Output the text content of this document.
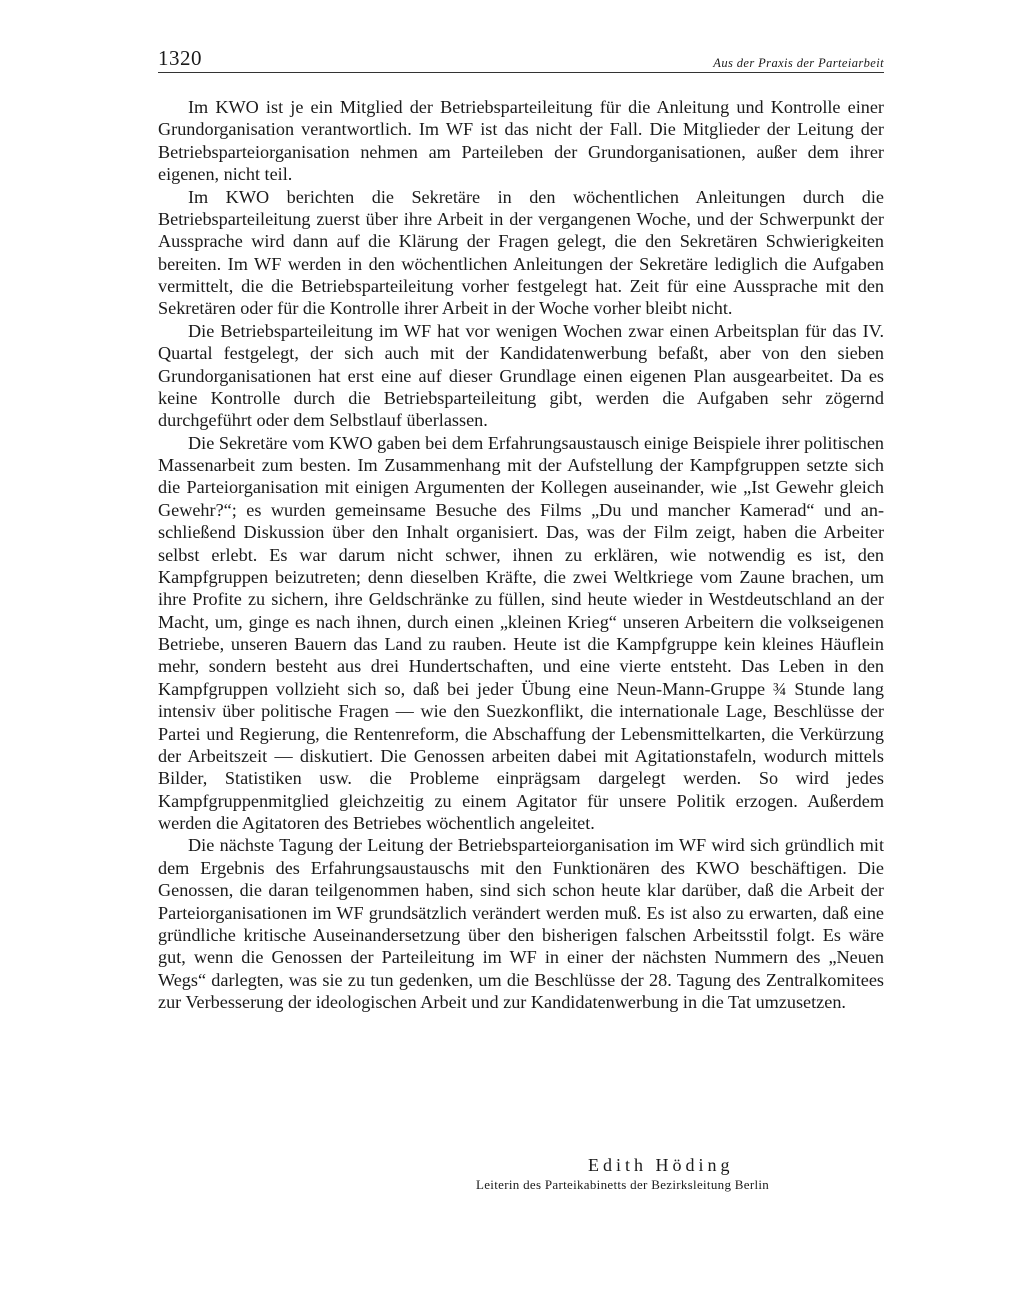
1320	Aus der Praxis der Parteiarbeit

Im KWO ist je ein Mitglied der Betriebsparteileitung für die Anleitung und Kontrolle einer Grundorganisation verantwortlich. Im WF ist das nicht der Fall. Die Mitglieder der Leitung der Betriebsparteiorganisation nehmen am Parteileben der Grundorganisationen, außer dem ihrer eigenen, nicht teil.

Im KWO berichten die Sekretäre in den wöchentlichen Anleitungen durch die Betriebsparteileitung zuerst über ihre Arbeit in der vergangenen Woche, und der Schwerpunkt der Aussprache wird dann auf die Klärung der Fragen gelegt, die den Sekretären Schwierigkeiten bereiten. Im WF werden in den wöchentlichen Anleitungen der Sekretäre lediglich die Aufgaben vermittelt, die die Betriebsparteileitung vorher festgelegt hat. Zeit für eine Aussprache mit den Sekretären oder für die Kontrolle ihrer Arbeit in der Woche vorher bleibt nicht.

Die Betriebsparteileitung im WF hat vor wenigen Wochen zwar einen Arbeitsplan für das IV. Quartal festgelegt, der sich auch mit der Kandidatenwerbung befaßt, aber von den sieben Grundorganisationen hat erst eine auf dieser Grundlage einen eigenen Plan ausgearbeitet. Da es keine Kontrolle durch die Betriebsparteileitung gibt, werden die Aufgaben sehr zögernd durchgeführt oder dem Selbstlauf überlassen.

Die Sekretäre vom KWO gaben bei dem Erfahrungsaustausch einige Beispiele ihrer politischen Massenarbeit zum besten. Im Zusammenhang mit der Aufstellung der Kampfgruppen setzte sich die Parteiorganisation mit einigen Argumenten der Kollegen auseinander, wie „Ist Gewehr gleich Gewehr?“; es wurden gemeinsame Besuche des Films „Du und mancher Kamerad“ und anschließend Diskussion über den Inhalt organisiert. Das, was der Film zeigt, haben die Arbeiter selbst erlebt. Es war darum nicht schwer, ihnen zu erklären, wie notwendig es ist, den Kampfgruppen beizutreten; denn dieselben Kräfte, die zwei Weltkriege vom Zaune brachen, um ihre Profite zu sichern, ihre Geldschränke zu füllen, sind heute wieder in Westdeutschland an der Macht, um, ginge es nach ihnen, durch einen „kleinen Krieg“ unseren Arbeitern die volkseigenen Betriebe, unseren Bauern das Land zu rauben. Heute ist die Kampfgruppe kein kleines Häuflein mehr, sondern besteht aus drei Hundertschaften, und eine vierte entsteht. Das Leben in den Kampfgruppen vollzieht sich so, daß bei jeder Übung eine Neun-Mann-Gruppe ¾ Stunde lang intensiv über politische Fragen — wie den Suezkonflikt, die internationale Lage, Beschlüsse der Partei und Regierung, die Rentenreform, die Abschaffung der Lebensmittelkarten, die Verkürzung der Arbeitszeit — diskutiert. Die Genossen arbeiten dabei mit Agitationstafeln, wodurch mittels Bilder, Statistiken usw. die Probleme einprägsam dargelegt werden. So wird jedes Kampfgruppenmitglied gleichzeitig zu einem Agitator für unsere Politik erzogen. Außerdem werden die Agitatoren des Betriebes wöchentlich angeleitet.

Die nächste Tagung der Leitung der Betriebsparteiorganisation im WF wird sich gründlich mit dem Ergebnis des Erfahrungsaustauschs mit den Funktionären des KWO beschäftigen. Die Genossen, die daran teilgenommen haben, sind sich schon heute klar darüber, daß die Arbeit der Parteiorganisationen im WF grundsätzlich verändert werden muß. Es ist also zu erwarten, daß eine gründliche kritische Auseinandersetzung über den bisherigen falschen Arbeitsstil folgt. Es wäre gut, wenn die Genossen der Parteileitung im WF in einer der nächsten Nummern des „Neuen Wegs“ darlegten, was sie zu tun gedenken, um die Beschlüsse der 28. Tagung des Zentralkomitees zur Verbesserung der ideologischen Arbeit und zur Kandidatenwerbung in die Tat umzusetzen.

Edith Höding
Leiterin des Parteikabinetts der Bezirksleitung Berlin
